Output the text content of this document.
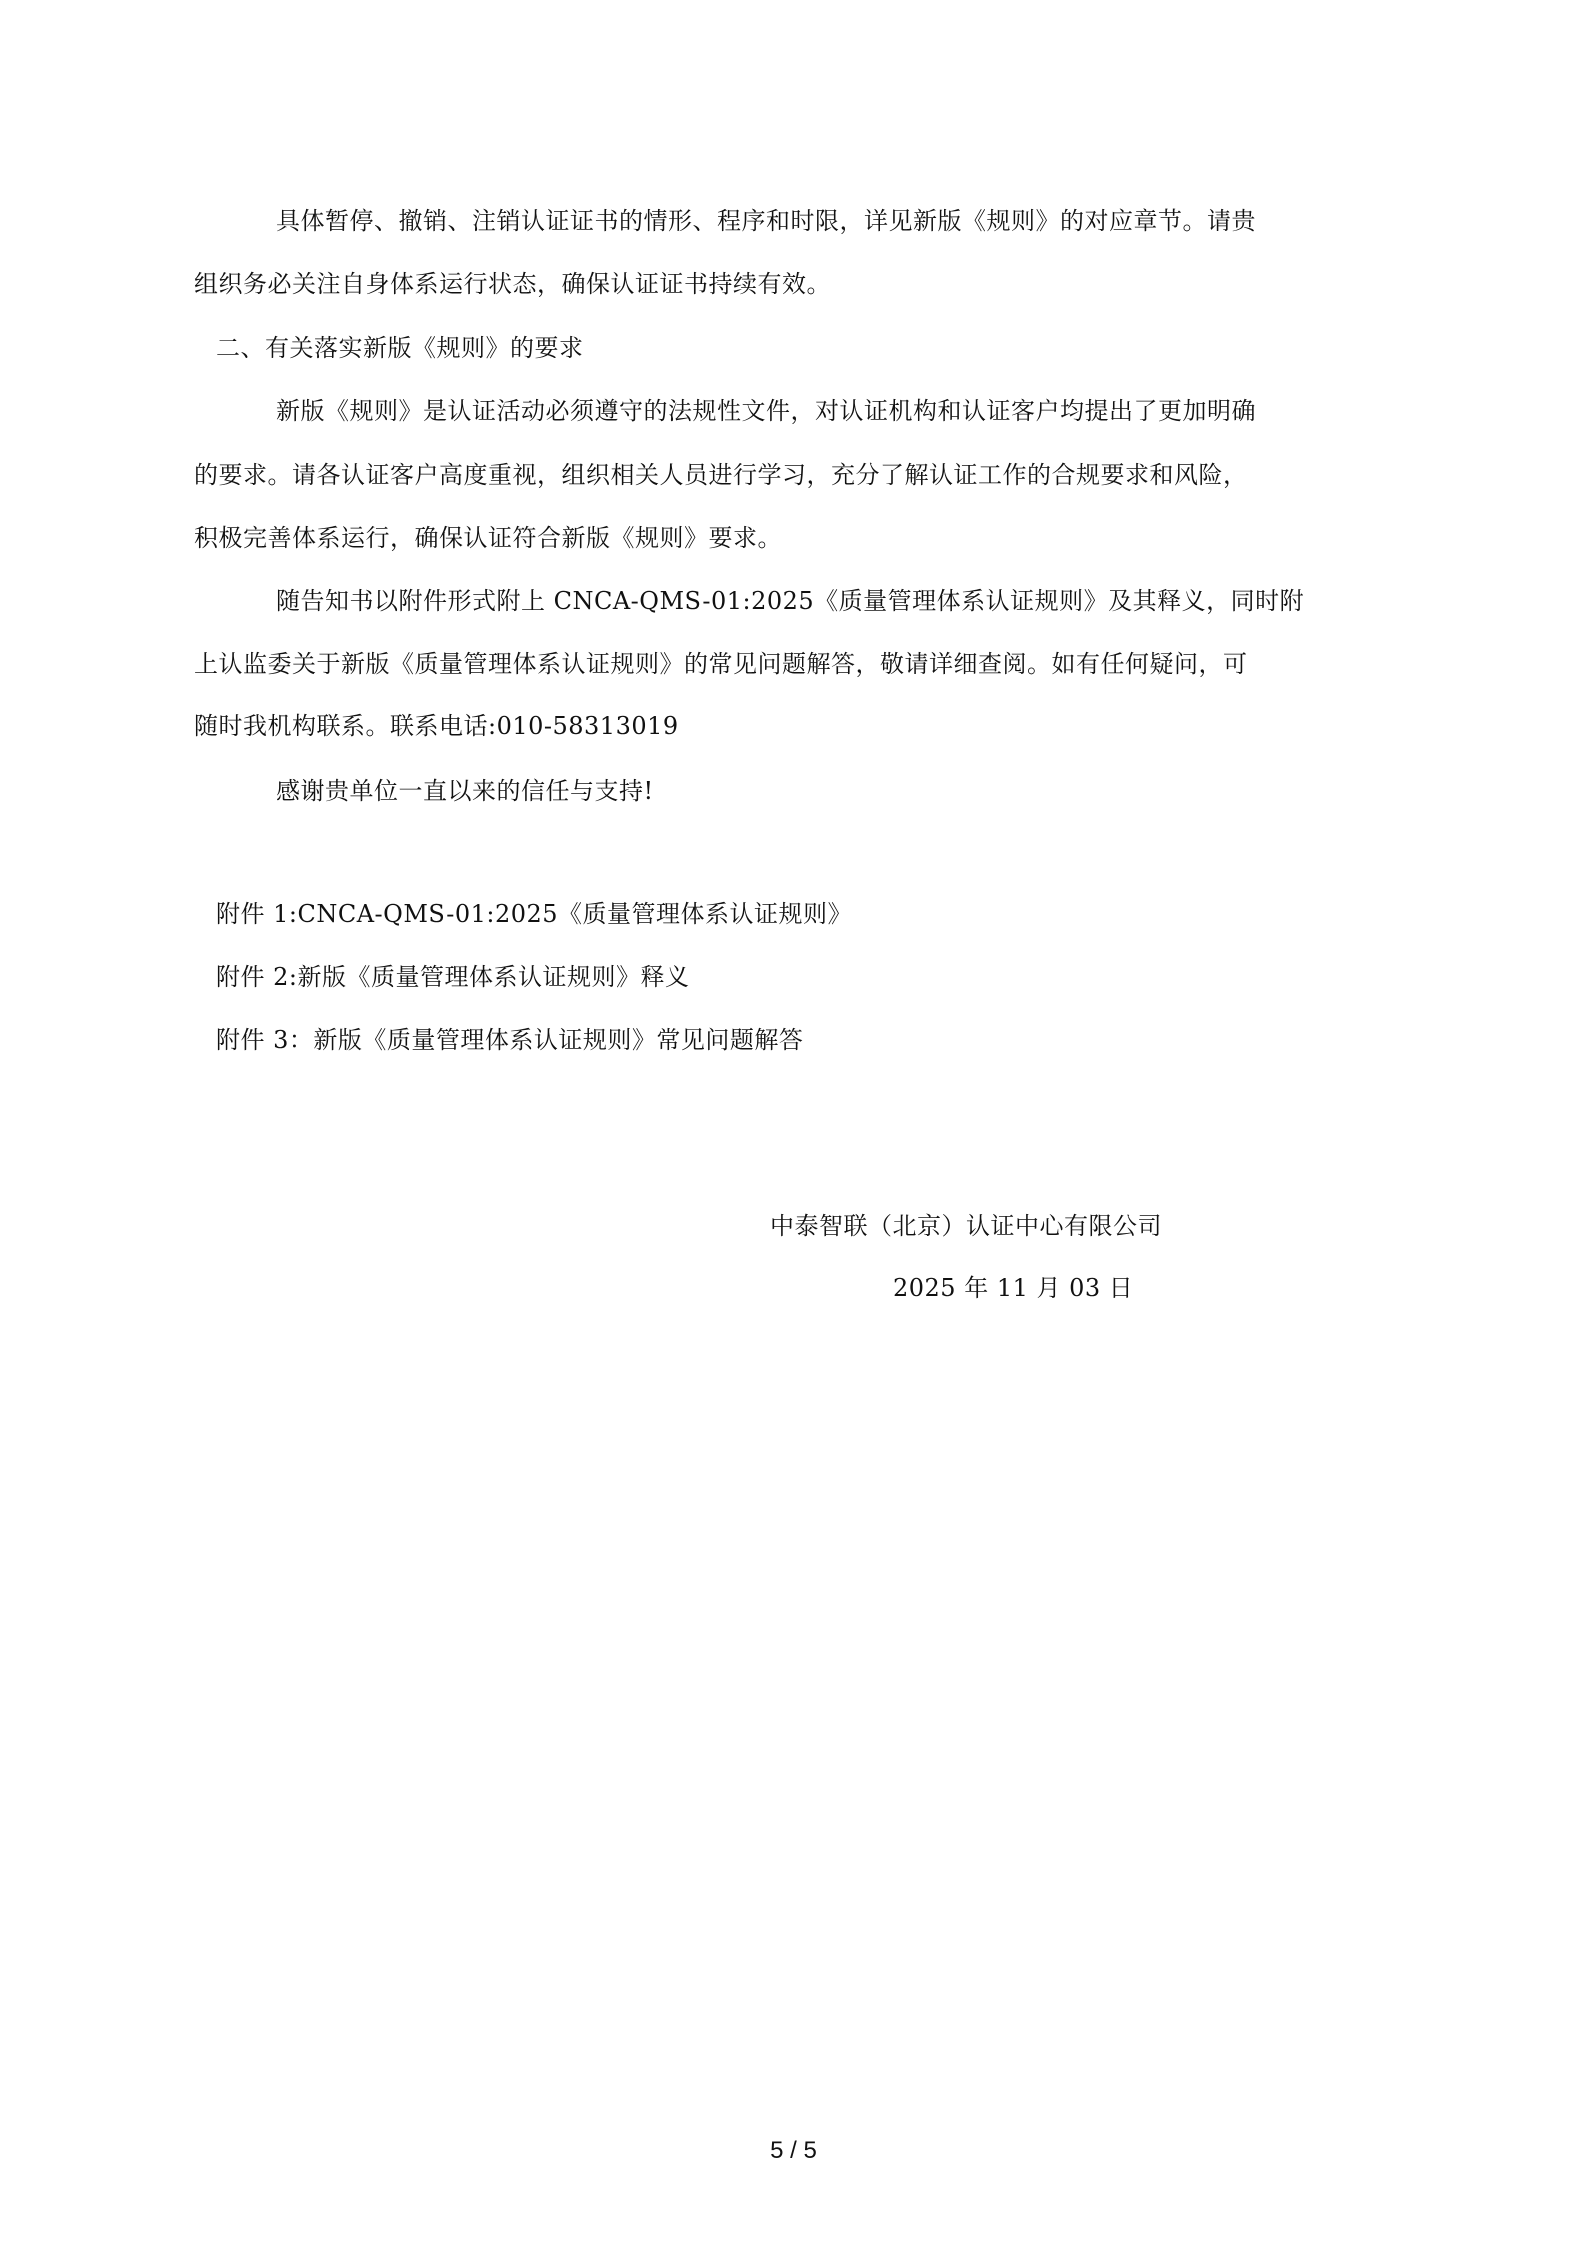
具体暂停、撤销、注销认证证书的情形、程序和时限，详见新版《规则》的对应章节。请贵
组织务必关注自身体系运行状态，确保认证证书持续有效。
二、有关落实新版《规则》的要求
新版《规则》是认证活动必须遵守的法规性文件，对认证机构和认证客户均提出了更加明确
的要求。请各认证客户高度重视，组织相关人员进行学习，充分了解认证工作的合规要求和风险，
积极完善体系运行，确保认证符合新版《规则》要求。
随告知书以附件形式附上 CNCA-QMS-01:2025《质量管理体系认证规则》及其释义，同时附
上认监委关于新版《质量管理体系认证规则》的常见问题解答，敬请详细查阅。如有任何疑问，可
随时我机构联系。联系电话:010-58313019
感谢贵单位一直以来的信任与支持!
附件 1:CNCA-QMS-01:2025《质量管理体系认证规则》
附件 2:新版《质量管理体系认证规则》释义
附件 3：新版《质量管理体系认证规则》常见问题解答
中泰智联（北京）认证中心有限公司
2025 年 11 月 03 日
5 / 5
